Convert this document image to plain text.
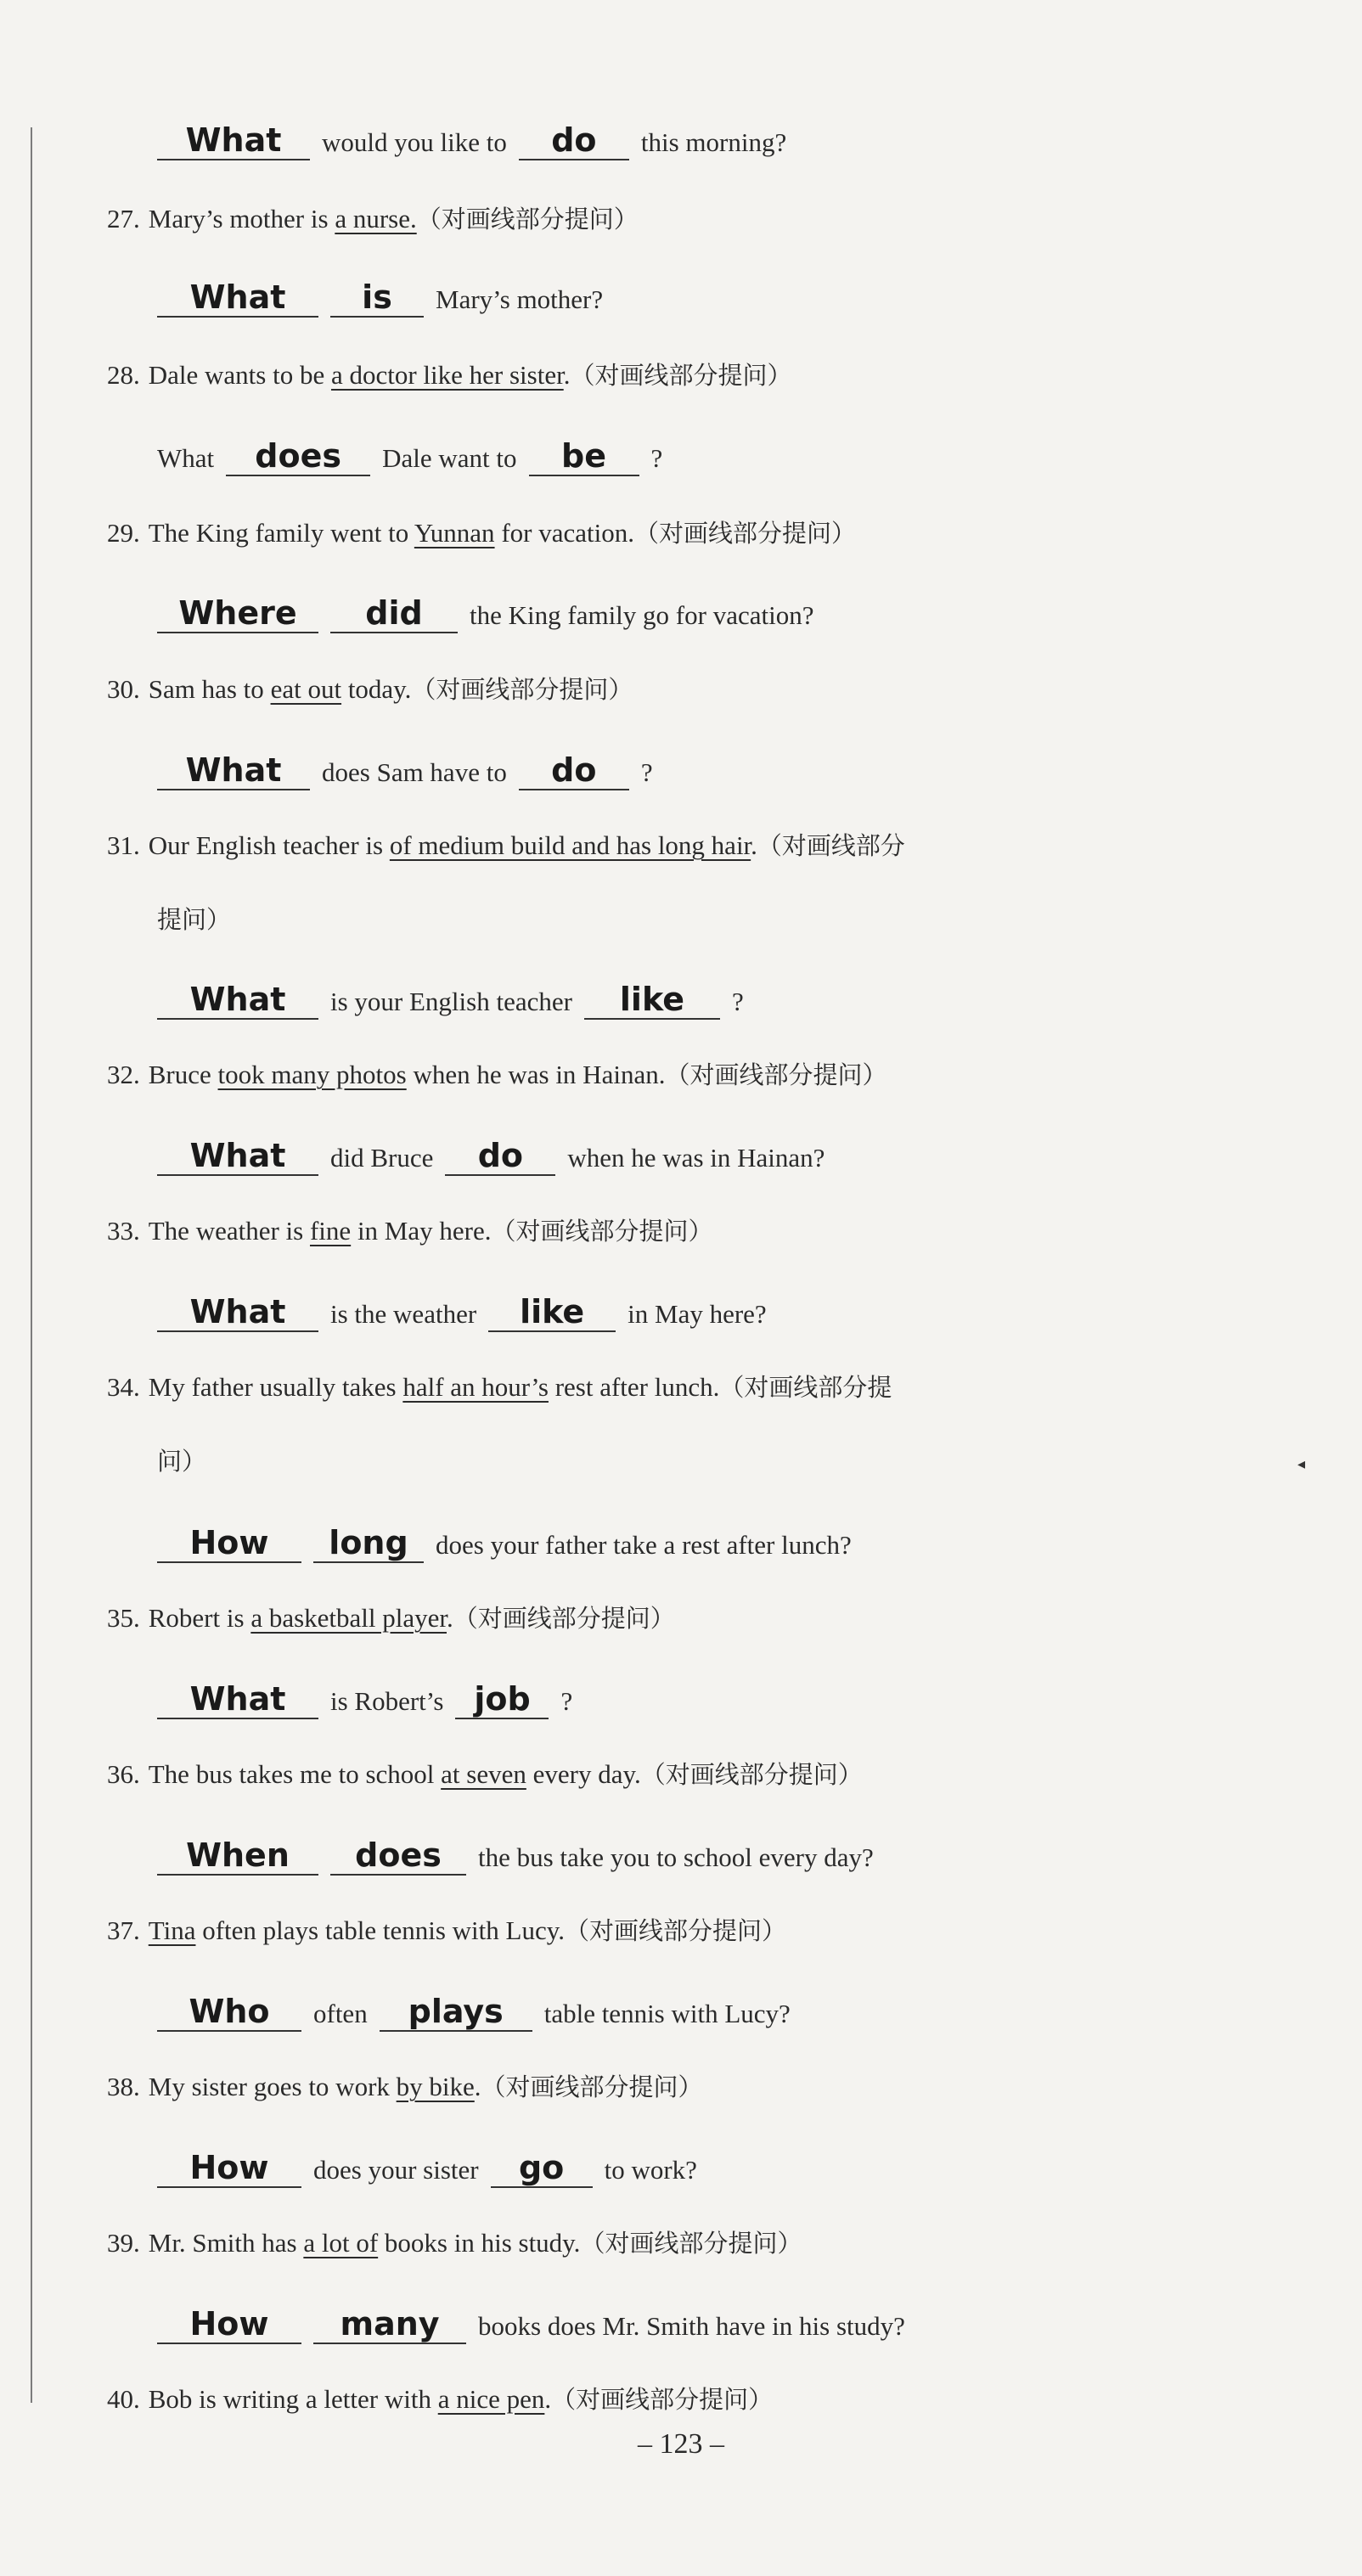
What would you like to do this morning?
27. Mary’s mother is a nurse.（对画线部分提问）
What is Mary’s mother?
28. Dale wants to be a doctor like her sister.（对画线部分提问）
What does Dale want to be ?
29. The King family went to Yunnan for vacation.（对画线部分提问）
Where did the King family go for vacation?
30. Sam has to eat out today.（对画线部分提问）
What does Sam have to do ?
31. Our English teacher is of medium build and has long hair.（对画线部分
提问）
What is your English teacher like ?
32. Bruce took many photos when he was in Hainan.（对画线部分提问）
What did Bruce do when he was in Hainan?
33. The weather is fine in May here.（对画线部分提问）
What is the weather like in May here?
34. My father usually takes half an hour’s rest after lunch.（对画线部分提
问）	◂
How long does your father take a rest after lunch?
35. Robert is a basketball player.（对画线部分提问）
What is Robert’s job ?
36. The bus takes me to school at seven every day.（对画线部分提问）
When does the bus take you to school every day?
37. Tina often plays table tennis with Lucy.（对画线部分提问）
Who often plays table tennis with Lucy?
38. My sister goes to work by bike.（对画线部分提问）
How does your sister go to work?
39. Mr. Smith has a lot of books in his study.（对画线部分提问）
How many books does Mr. Smith have in his study?
40. Bob is writing a letter with a nice pen.（对画线部分提问）
– 123 –
